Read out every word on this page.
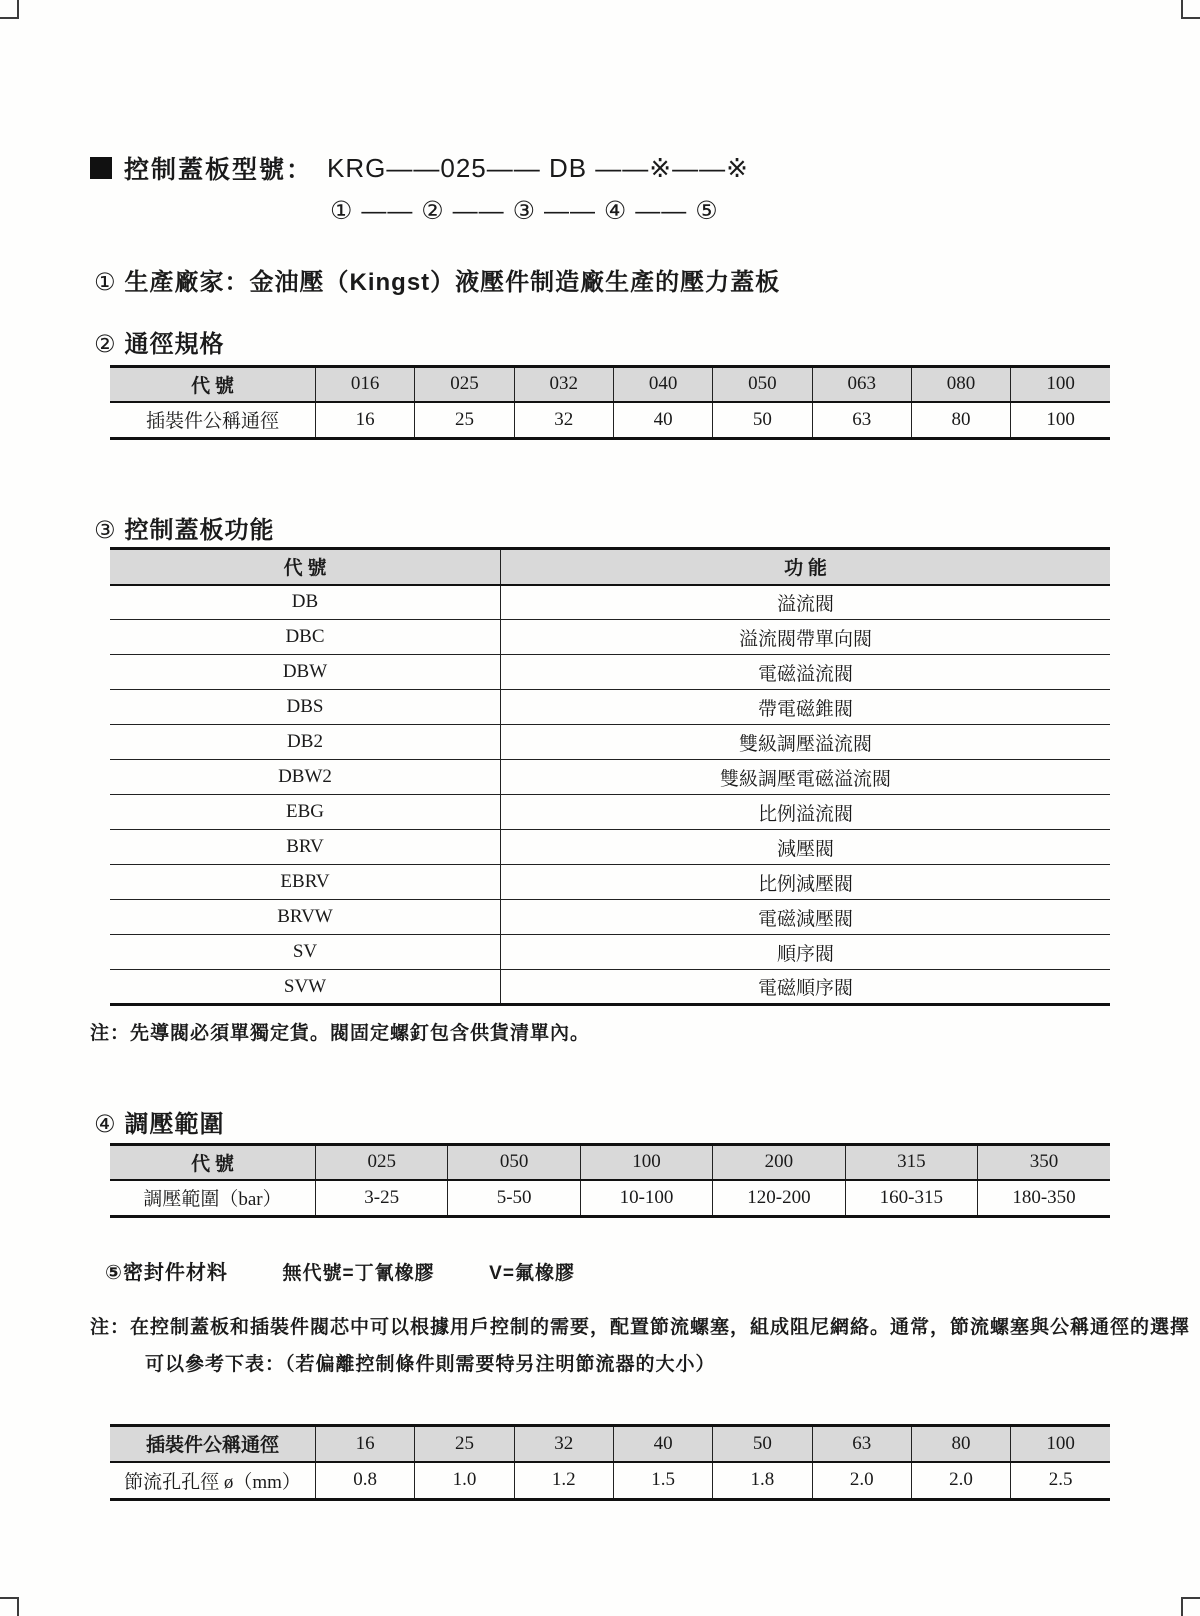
控制蓋板型號： KRG——025—— DB ——※——※
① —— ② —— ③ —— ④ —— ⑤
① 生產廠家：金油壓（Kingst）液壓件制造廠生產的壓力蓋板
② 通徑規格
代 號	016	025	032	040	050	063	080	100
插裝件公稱通徑	16	25	32	40	50	63	80	100
③ 控制蓋板功能
代 號	功 能
DB	溢流閥
DBC	溢流閥帶單向閥
DBW	電磁溢流閥
DBS	帶電磁錐閥
DB2	雙級調壓溢流閥
DBW2	雙級調壓電磁溢流閥
EBG	比例溢流閥
BRV	減壓閥
EBRV	比例減壓閥
BRVW	電磁減壓閥
SV	順序閥
SVW	電磁順序閥
注：先導閥必須單獨定貨。閥固定螺釘包含供貨清單內。
④ 調壓範圍
代 號	025	050	100	200	315	350
調壓範圍（bar）	3-25	5-50	10-100	120-200	160-315	180-350
⑤密封件材料	無代號=丁氰橡膠	V=氟橡膠
注：在控制蓋板和插裝件閥芯中可以根據用戶控制的需要，配置節流螺塞，組成阻尼網絡。通常，節流螺塞與公稱通徑的選擇
可以參考下表：（若偏離控制條件則需要特另注明節流器的大小）
插裝件公稱通徑	16	25	32	40	50	63	80	100
節流孔孔徑 ø（mm）	0.8	1.0	1.2	1.5	1.8	2.0	2.0	2.5
